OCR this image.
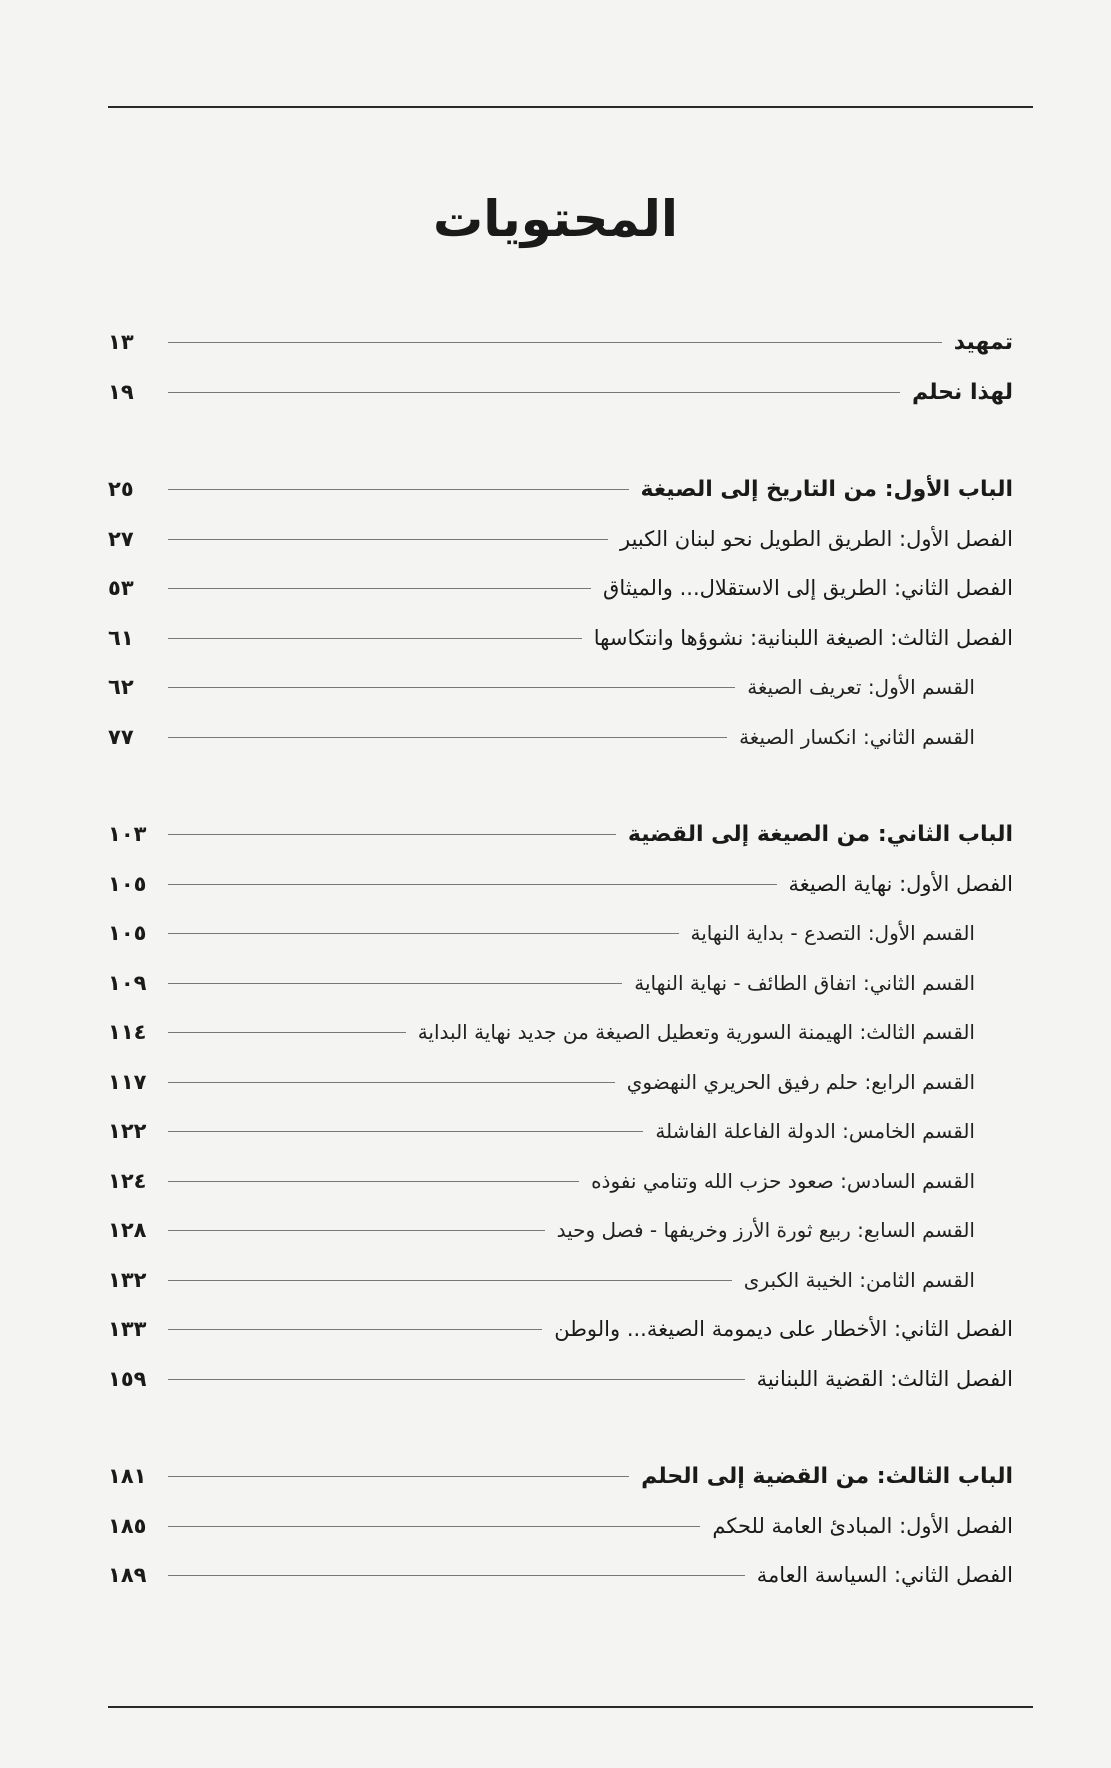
المحتويات
تمهيد
١٣
لهذا نحلم
١٩
الباب الأول: من التاريخ إلى الصيغة
٢٥
الفصل الأول: الطريق الطويل نحو لبنان الكبير
٢٧
الفصل الثاني: الطريق إلى الاستقلال... والميثاق
٥٣
الفصل الثالث: الصيغة اللبنانية: نشوؤها وانتكاسها
٦١
القسم الأول: تعريف الصيغة
٦٢
القسم الثاني: انكسار الصيغة
٧٧
الباب الثاني: من الصيغة إلى القضية
١٠٣
الفصل الأول: نهاية الصيغة
١٠٥
القسم الأول: التصدع - بداية النهاية
١٠٥
القسم الثاني: اتفاق الطائف - نهاية النهاية
١٠٩
القسم الثالث: الهيمنة السورية وتعطيل الصيغة من جديد نهاية البداية
١١٤
القسم الرابع: حلم رفيق الحريري النهضوي
١١٧
القسم الخامس: الدولة الفاعلة الفاشلة
١٢٢
القسم السادس: صعود حزب الله وتنامي نفوذه
١٢٤
القسم السابع: ربيع ثورة الأرز وخريفها - فصل وحيد
١٢٨
القسم الثامن: الخيبة الكبرى
١٣٢
الفصل الثاني: الأخطار على ديمومة الصيغة... والوطن
١٣٣
الفصل الثالث: القضية اللبنانية
١٥٩
الباب الثالث: من القضية إلى الحلم
١٨١
الفصل الأول: المبادئ العامة للحكم
١٨٥
الفصل الثاني: السياسة العامة
١٨٩
